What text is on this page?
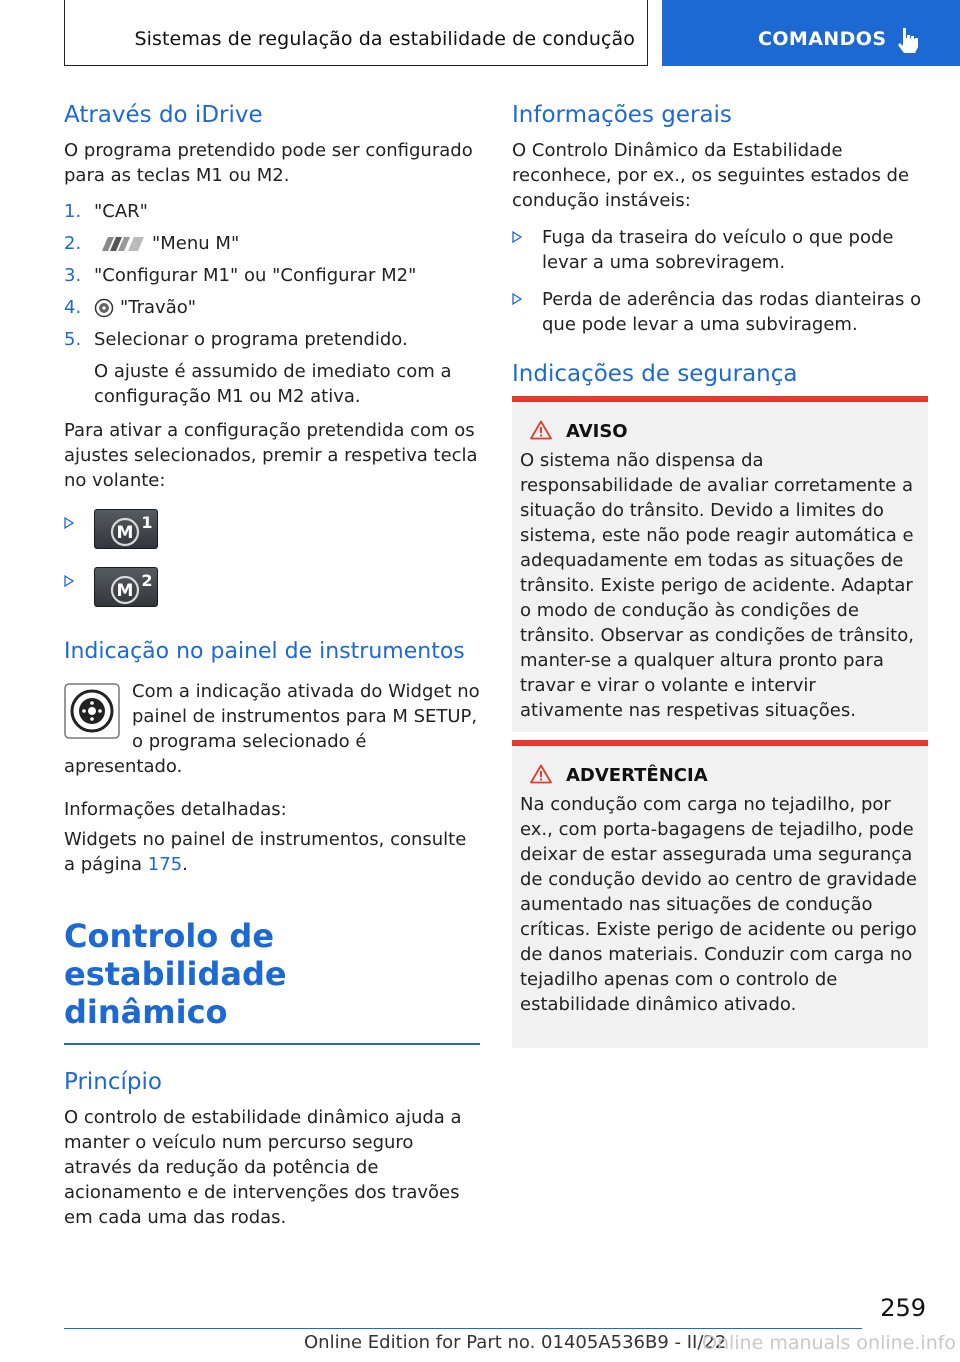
Sistemas de regulação da estabilidade de condução	COMANDOS
Através do iDrive

O programa pretendido pode ser configurado para as teclas M1 ou M2.

1. "CAR"
2.	"Menu M"
3. "Configurar M1" ou "Configurar M2"
4. "Travão"
5. Selecionar o programa pretendido.

O ajuste é assumido de imediato com a configuração M1 ou M2 ativa.

Para ativar a configuração pretendida com os ajustes selecionados, premir a respetiva tecla no volante:

M
1
M
2
Indicação no painel de instrumentos

Com a indicação ativada do Widget no painel de instrumentos para M SETUP, o programa selecionado é apresentado.

Informações detalhadas:

Widgets no painel de instrumentos, consulte a página 175.

Controlo de estabilidade
dinâmico
Princípio

O controlo de estabilidade dinâmico ajuda a manter o veículo num percurso seguro através da redução da potência de acionamento e de intervenções dos travões em cada uma das rodas.

Informações gerais

O Controlo Dinâmico da Estabilidade reconhece, por ex., os seguintes estados de condução instáveis:

Fuga da traseira do veículo o que pode levar a uma sobreviragem.
Perda de aderência das rodas dianteiras o que pode levar a uma subviragem.
Indicações de segurança
AVISO

O sistema não dispensa da responsabilidade de avaliar corretamente a situação do trânsito. Devido a limites do sistema, este não pode reagir automática e adequadamente em todas as situações de trânsito. Existe perigo de acidente. Adaptar o modo de condução às condições de trânsito. Observar as condições de trânsito, manter-se a qualquer altura pronto para travar e virar o volante e intervir ativamente nas respetivas situações.

ADVERTÊNCIA

Na condução com carga no tejadilho, por ex., com porta-bagagens de tejadilho, pode deixar de estar assegurada uma segurança de condução devido ao centro de gravidade aumentado nas situações de condução críticas. Existe perigo de acidente ou perigo de danos materiais. Conduzir com carga no tejadilho apenas com o controlo de estabilidade dinâmico ativado.

259
Online Edition for Part no. 01405A536B9 - II/22
Online manuals online.info
